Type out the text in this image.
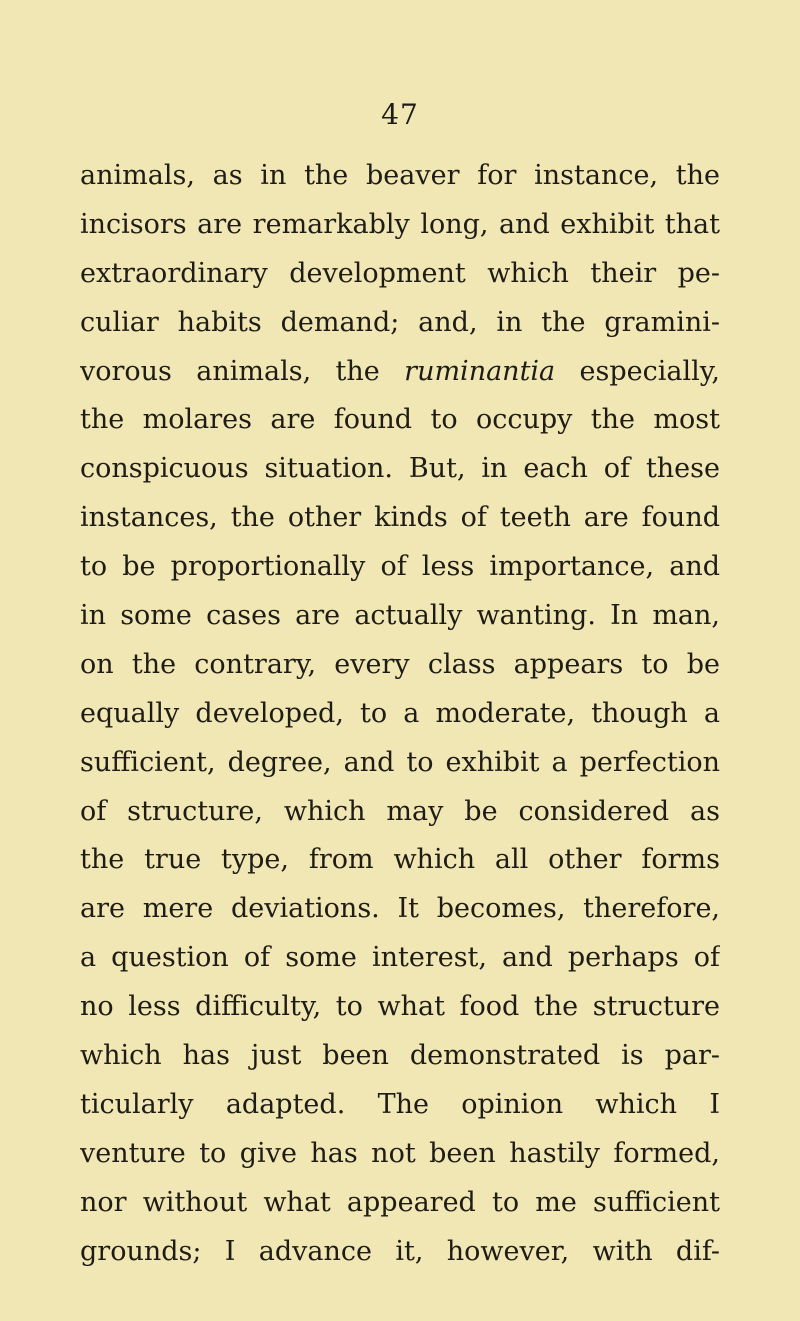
47
animals, as in the beaver for instance, the
incisors are remarkably long, and exhibit that
extraordinary development which their pe-
culiar habits demand; and, in the gramini-
vorous animals, the ruminantia especially,
the molares are found to occupy the most
conspicuous situation. But, in each of these
instances, the other kinds of teeth are found
to be proportionally of less importance, and
in some cases are actually wanting. In man,
on the contrary, every class appears to be
equally developed, to a moderate, though a
sufficient, degree, and to exhibit a perfection
of structure, which may be considered as
the true type, from which all other forms
are mere deviations. It becomes, therefore,
a question of some interest, and perhaps of
no less difficulty, to what food the structure
which has just been demonstrated is par-
ticularly adapted. The opinion which I
venture to give has not been hastily formed,
nor without what appeared to me sufficient
grounds; I advance it, however, with dif-
